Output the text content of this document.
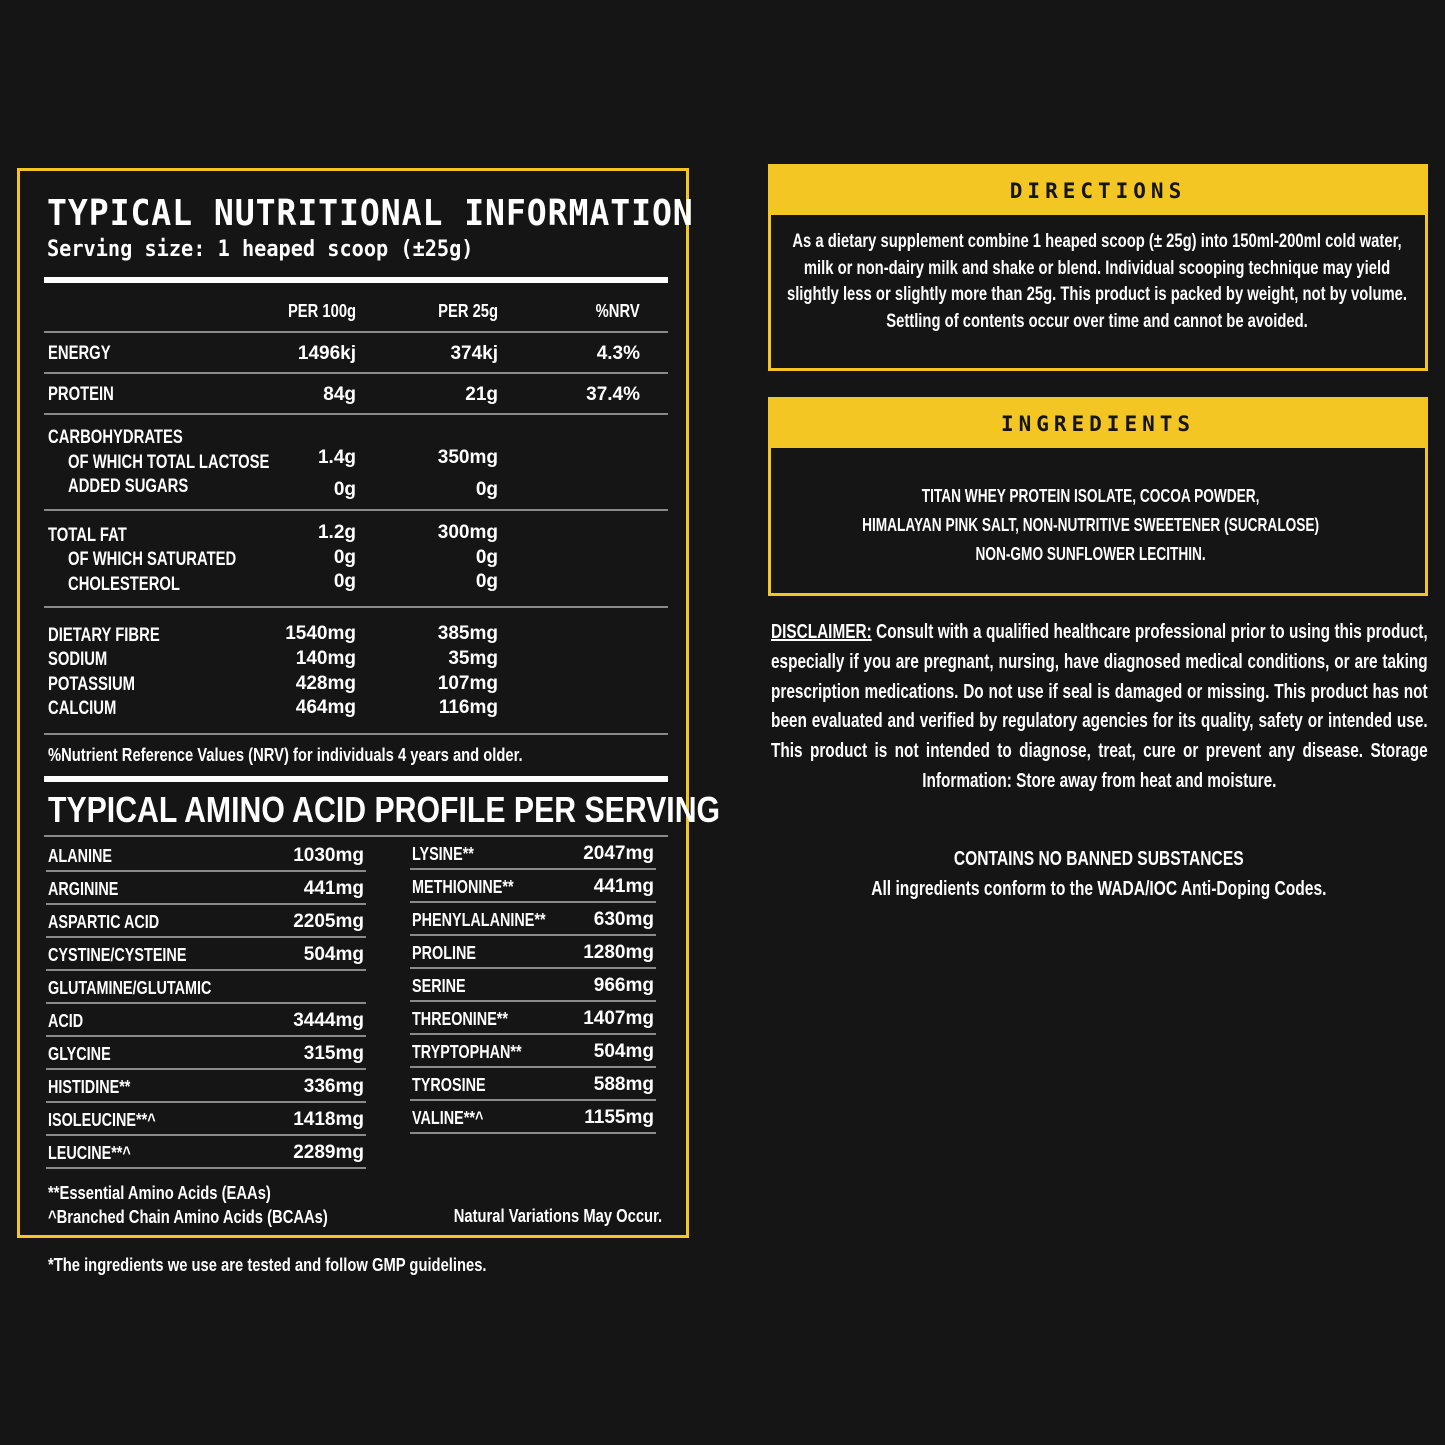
TYPICAL NUTRITIONAL INFORMATION
Serving size: 1 heaped scoop (±25g)
PER 100g	PER 25g	%NRV
ENERGY	1496kj	374kj	4.3%
PROTEIN	84g	21g	37.4%
CARBOHYDRATES
OF WHICH TOTAL LACTOSE	1.4g	350mg
ADDED SUGARS	0g	0g
TOTAL FAT	1.2g	300mg
OF WHICH SATURATED	0g	0g
CHOLESTEROL	0g	0g
DIETARY FIBRE	1540mg	385mg
SODIUM	140mg	35mg
POTASSIUM	428mg	107mg
CALCIUM	464mg	116mg
%Nutrient Reference Values (NRV) for individuals 4 years and older.
TYPICAL AMINO ACID PROFILE PER SERVING
ALANINE	1030mg
ARGININE	441mg
ASPARTIC ACID	2205mg
CYSTINE/CYSTEINE	504mg
GLUTAMINE/GLUTAMIC
ACID	3444mg
GLYCINE	315mg
HISTIDINE**	336mg
ISOLEUCINE**^	1418mg
LEUCINE**^	2289mg
LYSINE**	2047mg
METHIONINE**	441mg
PHENYLALANINE**	630mg
PROLINE	1280mg
SERINE	966mg
THREONINE**	1407mg
TRYPTOPHAN**	504mg
TYROSINE	588mg
VALINE**^	1155mg
**Essential Amino Acids (EAAs)
^Branched Chain Amino Acids (BCAAs)	Natural Variations May Occur.
*The ingredients we use are tested and follow GMP guidelines.
DIRECTIONS
As a dietary supplement combine 1 heaped scoop (± 25g) into 150ml-200ml cold water, milk or non-dairy milk and shake or blend. Individual scooping technique may yield slightly less or slightly more than 25g. This product is packed by weight, not by volume. Settling of contents occur over time and cannot be avoided.
INGREDIENTS
TITAN WHEY PROTEIN ISOLATE, COCOA POWDER,
HIMALAYAN PINK SALT, NON-NUTRITIVE SWEETENER (SUCRALOSE)
NON-GMO SUNFLOWER LECITHIN.
DISCLAIMER: Consult with a qualified healthcare professional prior to using this product, especially if you are pregnant, nursing, have diagnosed medical conditions, or are taking prescription medications. Do not use if seal is damaged or missing. This product has not been evaluated and verified by regulatory agencies for its quality, safety or intended use. This product is not intended to diagnose, treat, cure or prevent any disease. Storage Information: Store away from heat and moisture.
CONTAINS NO BANNED SUBSTANCES
All ingredients conform to the WADA/IOC Anti-Doping Codes.
